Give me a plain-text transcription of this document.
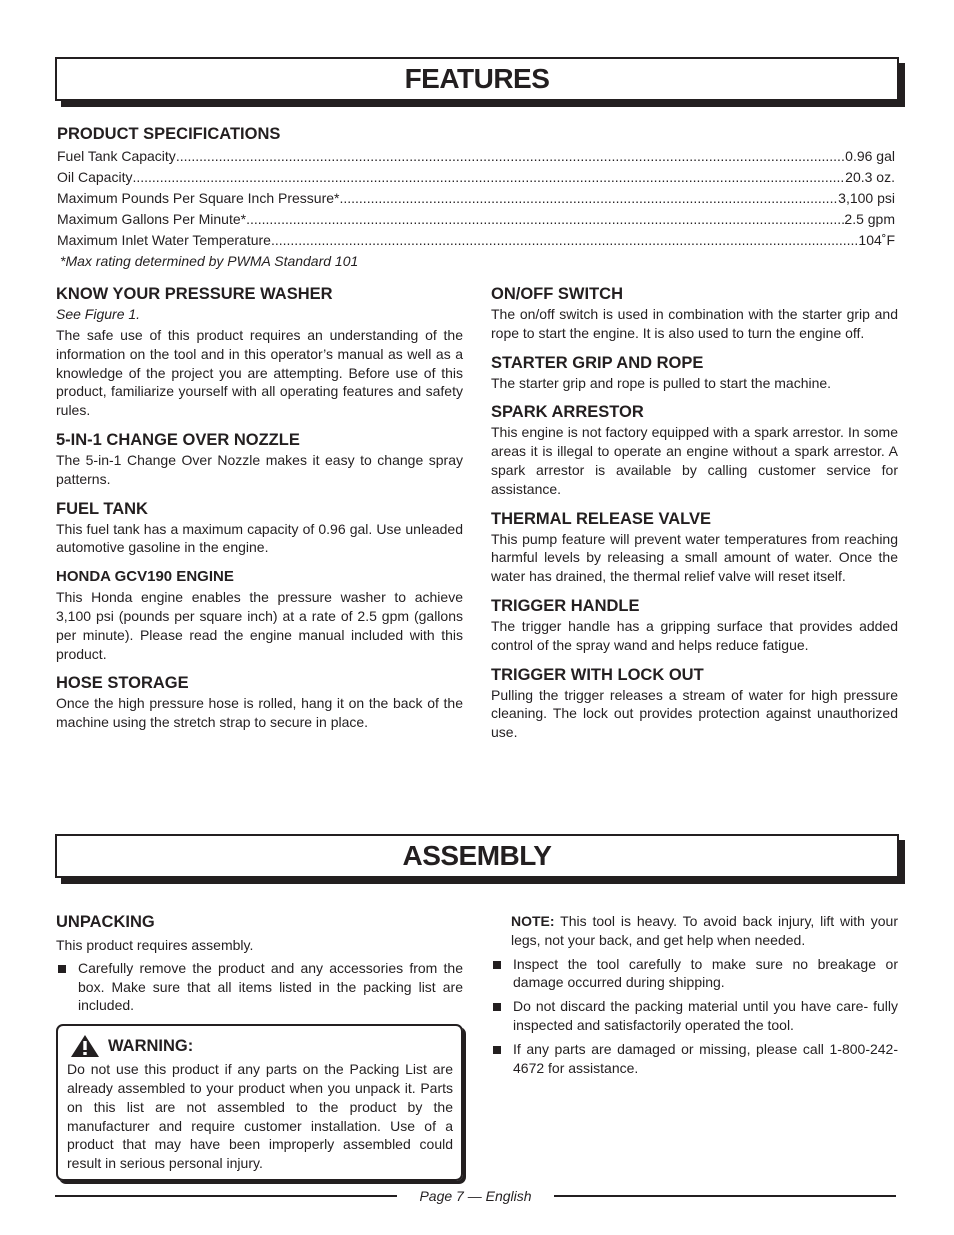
FEATURES
PRODUCT SPECIFICATIONS
Fuel Tank Capacity .....	0.96 gal
Oil Capacity .....	20.3 oz.
Maximum Pounds Per Square Inch Pressure* .....	3,100 psi
Maximum Gallons Per Minute* .....	2.5 gpm
Maximum Inlet Water Temperature .....	104˚F
*Max rating determined by PWMA Standard 101
KNOW YOUR PRESSURE WASHER
See Figure 1.

The safe use of this product requires an understanding of the information on the tool and in this operator’s manual as well as a knowledge of the project you are attempting. Before use of this product, familiarize yourself with all operating features and safety rules.

5-IN-1 CHANGE OVER NOZZLE

The 5-in-1 Change Over Nozzle makes it easy to change spray patterns.

FUEL TANK

This fuel tank has a maximum capacity of 0.96 gal. Use unleaded automotive gasoline in the engine.

HONDA GCV190 ENGINE

This Honda engine enables the pressure washer to achieve 3,100 psi (pounds per square inch) at a rate of 2.5 gpm (gallons per minute). Please read the engine manual included with this product.

HOSE STORAGE

Once the high pressure hose is rolled, hang it on the back of the machine using the stretch strap to secure in place.

ON/OFF SWITCH

The on/off switch is used in combination with the starter grip and rope to start the engine. It is also used to turn the engine off.

STARTER GRIP AND ROPE

The starter grip and rope is pulled to start the machine.

SPARK ARRESTOR

This engine is not factory equipped with a spark arrestor. In some areas it is illegal to operate an engine without a spark arrestor. A spark arrestor is available by calling customer service for assistance.

THERMAL RELEASE VALVE

This pump feature will prevent water temperatures from reaching harmful levels by releasing a small amount of water. Once the water has drained, the thermal relief valve will reset itself.

TRIGGER HANDLE

The trigger handle has a gripping surface that provides added control of the spray wand and helps reduce fatigue.

TRIGGER WITH LOCK OUT

Pulling the trigger releases a stream of water for high pressure cleaning. The lock out provides protection against unauthorized use.

ASSEMBLY
UNPACKING

This product requires assembly.

Carefully remove the product and any accessories from the box. Make sure that all items listed in the packing list are included.

WARNING:

Do not use this product if any parts on the Packing List are already assembled to your product when you unpack it. Parts on this list are not assembled to the product by the manufacturer and require customer installation. Use of a product that may have been improperly assembled could result in serious personal injury.

NOTE: This tool is heavy. To avoid back injury, lift with your legs, not your back, and get help when needed.

Inspect the tool carefully to make sure no breakage or damage occurred during shipping.

Do not discard the packing material until you have care- fully inspected and satisfactorily operated the tool.

If any parts are damaged or missing, please call 1-800-242-4672 for assistance.

Page 7 — English
